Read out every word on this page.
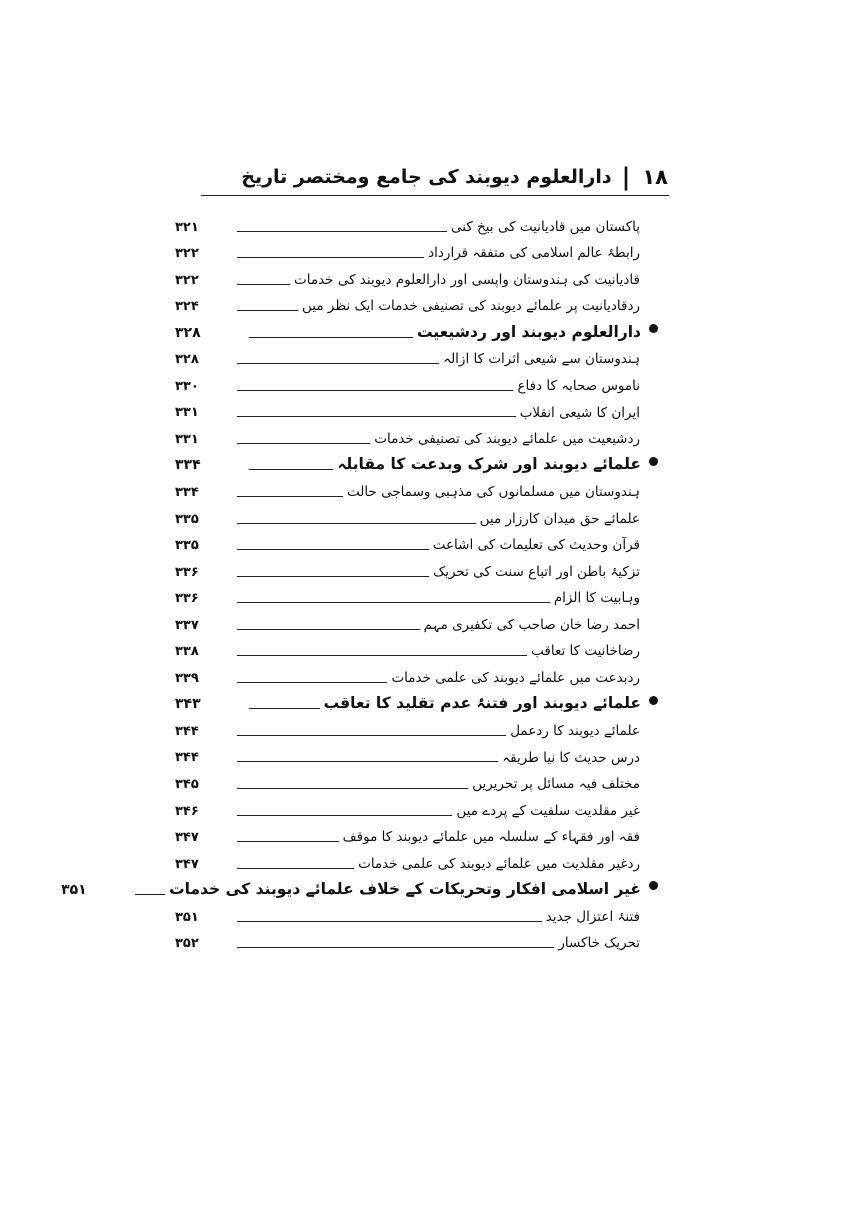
۱۸
|
دارالعلوم دیوبند کی جامع ومختصر تاریخ
پاکستان میں قادیانیت کی بیخ کنی
۳۲۱
رابطۂ عالم اسلامی کی متفقہ قرارداد
۳۲۲
قادیانیت کی ہندوستان واپسی اور دارالعلوم دیوبند کی خدمات
۳۲۲
ردقادیانیت پر علمائے دیوبند کی تصنیفی خدمات ایک نظر میں
۳۲۴
دارالعلوم دیوبند اور ردشیعیت
۳۲۸
ہندوستان سے شیعی اثرات کا ازالہ
۳۲۸
ناموس صحابہ کا دفاع
۳۳۰
ایران کا شیعی انقلاب
۳۳۱
ردشیعیت میں علمائے دیوبند کی تصنیفی خدمات
۳۳۱
علمائے دیوبند اور شرک وبدعت کا مقابلہ
۳۳۴
ہندوستان میں مسلمانوں کی مذہبی وسماجی حالت
۳۳۴
علمائے حق میدان کارزار میں
۳۳۵
قرآن وحدیث کی تعلیمات کی اشاعت
۳۳۵
تزکیۂ باطن اور اتباع سنت کی تحریک
۳۳۶
وہابیت کا الزام
۳۳۶
احمد رضا خان صاحب کی تکفیری مہم
۳۳۷
رضاخانیت کا تعاقب
۳۳۸
ردبدعت میں علمائے دیوبند کی علمی خدمات
۳۳۹
علمائے دیوبند اور فتنۂ عدم تقلید کا تعاقب
۳۴۳
علمائے دیوبند کا ردعمل
۳۴۴
درس حدیث کا نیا طریقہ
۳۴۴
مختلف فیہ مسائل پر تحریریں
۳۴۵
غیر مقلدیت سلفیت کے پردے میں
۳۴۶
فقہ اور فقہاء کے سلسلہ میں علمائے دیوبند کا موقف
۳۴۷
ردغیر مقلدیت میں علمائے دیوبند کی علمی خدمات
۳۴۷
غیر اسلامی افکار وتحریکات کے خلاف علمائے دیوبند کی خدمات
۳۵۱
فتنۂ اعتزال جدید
۳۵۱
تحریک خاکسار
۳۵۲
